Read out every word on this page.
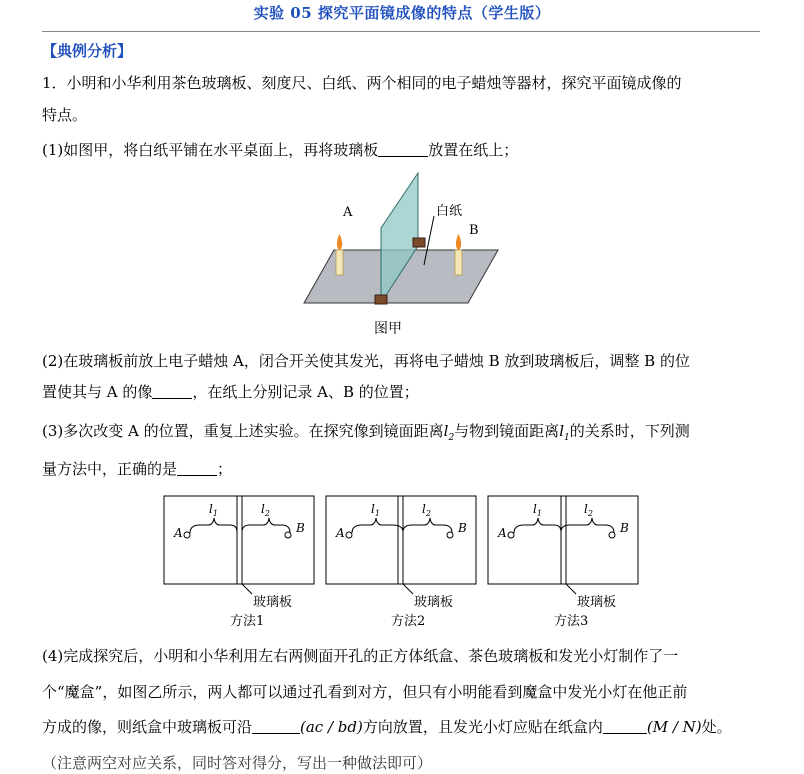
实验 05 探究平面镜成像的特点（学生版）
【典例分析】
1．小明和小华利用茶色玻璃板、刻度尺、白纸、两个相同的电子蜡烛等器材，探究平面镜成像的
特点。
(1)如图甲，将白纸平铺在水平桌面上，再将玻璃板	放置在纸上；
A	白纸
B
图甲
(2)在玻璃板前放上电子蜡烛 A，闭合开关使其发光，再将电子蜡烛 B 放到玻璃板后，调整 B 的位
置使其与 A 的像	，在纸上分别记录 A、B 的位置；
(3)多次改变 A 的位置，重复上述实验。在探究像到镜面距离$l_2$与物到镜面距离$l_1$的关系时，下列测
量方法中，正确的是	；
A	B
$l_1$	$l_2$
A	B
$l_1$	$l_2$
A	B
$l_1$	$l_2$
玻璃板	玻璃板	玻璃板
方法1	方法2	方法3
(4)完成探究后，小明和小华利用左右两侧面开孔的正方体纸盒、茶色玻璃板和发光小灯制作了一
个“魔盒”，如图乙所示，两人都可以通过孔看到对方，但只有小明能看到魔盒中发光小灯在他正前
方成的像，则纸盒中玻璃板可沿	(ac / bd)方向放置，且发光小灯应贴在纸盒内	(M / N)处。
（注意两空对应关系，同时答对得分，写出一种做法即可）
